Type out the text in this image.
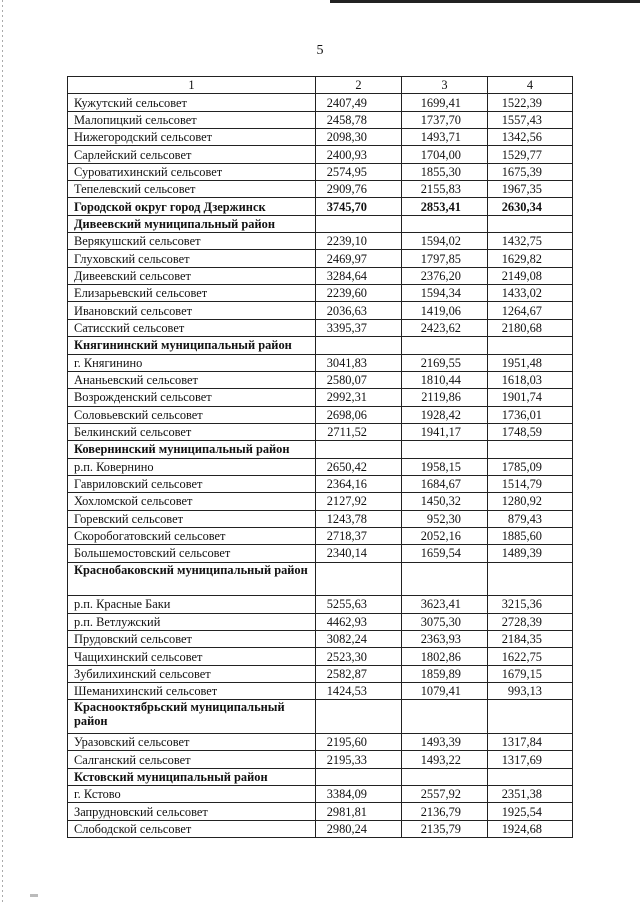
5
1	2	3	4
Кужутский сельсовет	2407,49	1699,41	1522,39
Малопицкий сельсовет	2458,78	1737,70	1557,43
Нижегородский сельсовет	2098,30	1493,71	1342,56
Сарлейский сельсовет	2400,93	1704,00	1529,77
Суроватихинский сельсовет	2574,95	1855,30	1675,39
Тепелевский сельсовет	2909,76	2155,83	1967,35
Городской округ город Дзержинск	3745,70	2853,41	2630,34
Дивеевский муниципальный район			
Верякушский сельсовет	2239,10	1594,02	1432,75
Глуховский сельсовет	2469,97	1797,85	1629,82
Дивеевский сельсовет	3284,64	2376,20	2149,08
Елизарьевский сельсовет	2239,60	1594,34	1433,02
Ивановский сельсовет	2036,63	1419,06	1264,67
Сатисский сельсовет	3395,37	2423,62	2180,68
Княгининский муниципальный район			
г. Княгинино	3041,83	2169,55	1951,48
Ананьевский сельсовет	2580,07	1810,44	1618,03
Возрожденский сельсовет	2992,31	2119,86	1901,74
Соловьевский сельсовет	2698,06	1928,42	1736,01
Белкинский сельсовет	2711,52	1941,17	1748,59
Ковернинский муниципальный район			
р.п. Ковернино	2650,42	1958,15	1785,09
Гавриловский сельсовет	2364,16	1684,67	1514,79
Хохломской сельсовет	2127,92	1450,32	1280,92
Горевский сельсовет	1243,78	952,30	879,43
Скоробогатовский сельсовет	2718,37	2052,16	1885,60
Большемостовский сельсовет	2340,14	1659,54	1489,39
Краснобаковский муниципальный район			
р.п. Красные Баки	5255,63	3623,41	3215,36
р.п. Ветлужский	4462,93	3075,30	2728,39
Прудовский сельсовет	3082,24	2363,93	2184,35
Чащихинский сельсовет	2523,30	1802,86	1622,75
Зубилихинский сельсовет	2582,87	1859,89	1679,15
Шеманихинский сельсовет	1424,53	1079,41	993,13
Краснооктябрьский муниципальный район			
Уразовский сельсовет	2195,60	1493,39	1317,84
Салганский сельсовет	2195,33	1493,22	1317,69
Кстовский муниципальный район			
г. Кстово	3384,09	2557,92	2351,38
Запрудновский сельсовет	2981,81	2136,79	1925,54
Слободской сельсовет	2980,24	2135,79	1924,68
